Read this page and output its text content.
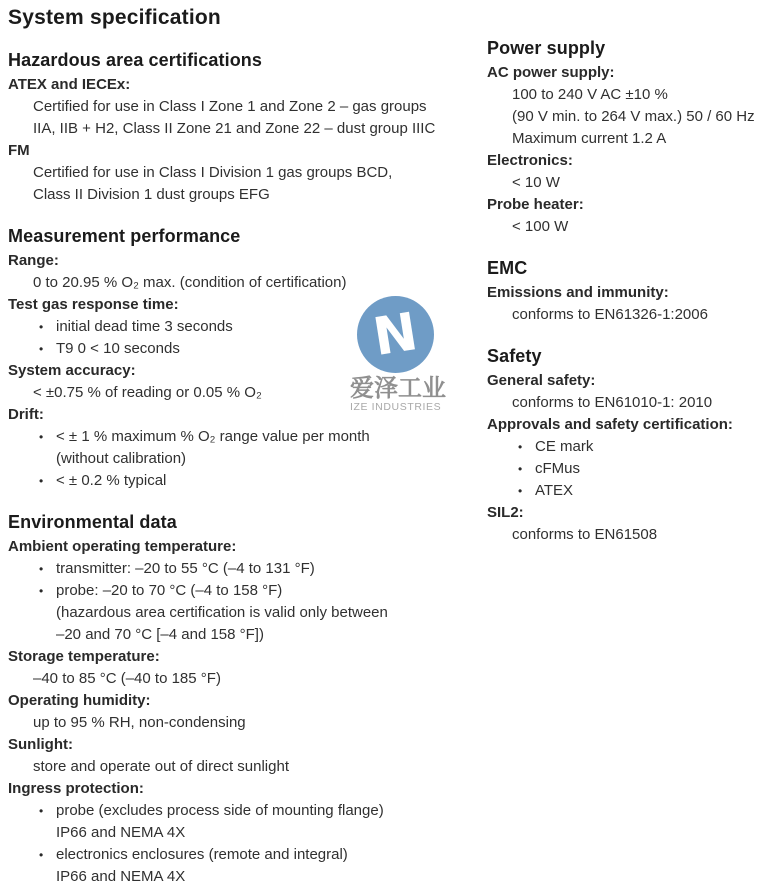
System specification
Hazardous area certifications
ATEX and IECEx:
Certified for use in Class I Zone 1 and Zone 2 – gas groups
IIA, IIB + H2, Class II Zone 21 and Zone 22 – dust group IIIC
FM
Certified for use in Class I Division 1 gas groups BCD,
Class II Division 1 dust groups EFG
Measurement performance
Range:
0 to 20.95 % O₂ max. (condition of certification)
Test gas response time:
• initial dead time 3 seconds
• T9 0 < 10 seconds
System accuracy:
< ±0.75 % of reading or 0.05 % O₂
Drift:
• < ± 1 % maximum % O₂ range value per month
(without calibration)
• < ± 0.2 % typical
Environmental data
Ambient operating temperature:
• transmitter: –20 to 55 °C (–4 to 131 °F)
• probe: –20 to 70 °C (–4 to 158 °F)
(hazardous area certification is valid only between
–20 and 70 °C [–4 and 158 °F])
Storage temperature:
–40 to 85 °C (–40 to 185 °F)
Operating humidity:
up to 95 % RH, non-condensing
Sunlight:
store and operate out of direct sunlight
Ingress protection:
• probe (excludes process side of mounting flange)
IP66 and NEMA 4X
• electronics enclosures (remote and integral)
IP66 and NEMA 4X
Power supply
AC power supply:
100 to 240 V AC ±10 %
(90 V min. to 264 V max.) 50 / 60 Hz
Maximum current 1.2 A
Electronics:
< 10 W
Probe heater:
< 100 W
EMC
Emissions and immunity:
conforms to EN61326-1:2006
Safety
General safety:
conforms to EN61010-1: 2010
Approvals and safety certification:
• CE mark
• cFMus
• ATEX
SIL2:
conforms to EN61508
N
爱泽工业
IZE INDUSTRIES
